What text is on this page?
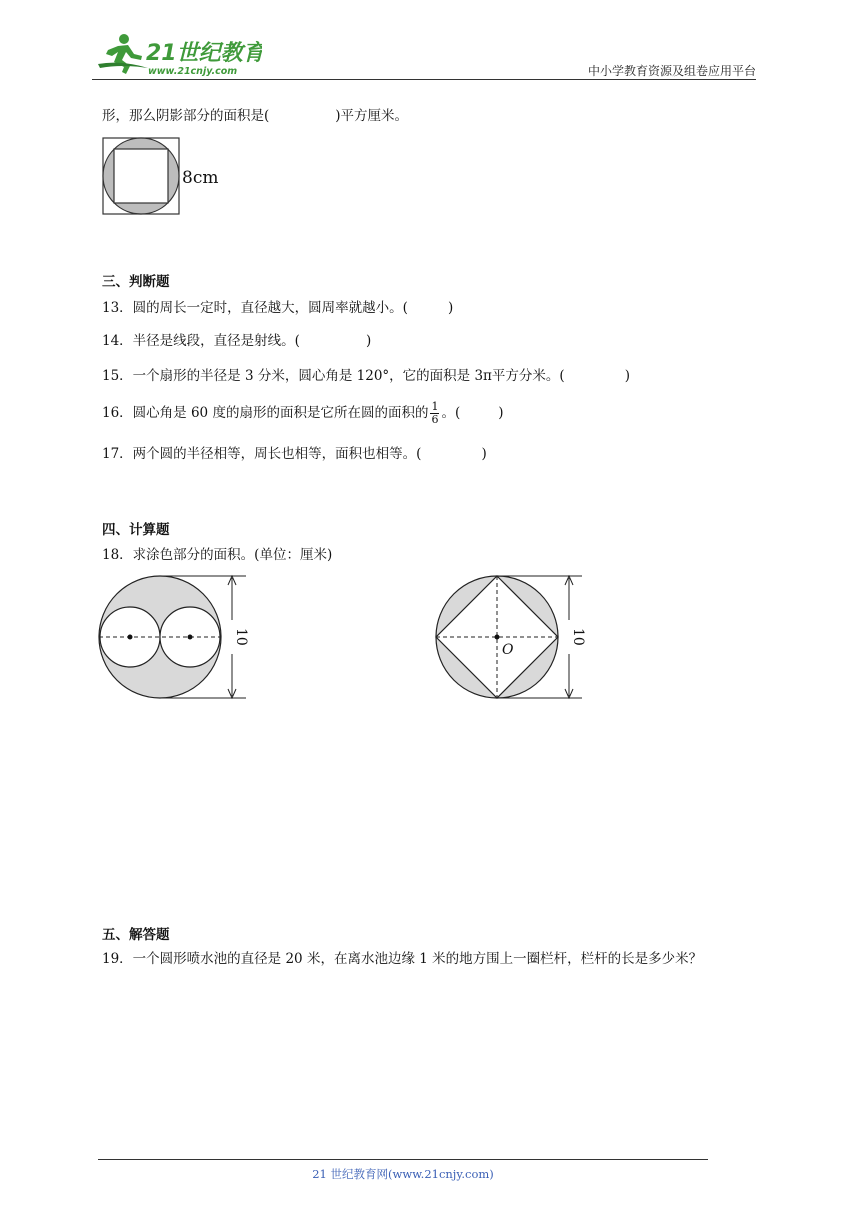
21世纪教育
www.21cnjy.com	中小学教育资源及组卷应用平台
形，那么阴影部分的面积是(	)平方厘米。
8cm
三、判断题
13．圆的周长一定时，直径越大，圆周率就越小。(	)
14．半径是线段，直径是射线。(	)
15．一个扇形的半径是 3 分米，圆心角是 120°，它的面积是 3π平方分米。(	)
16．圆心角是 60 度的扇形的面积是它所在圆的面积的 $\frac{1}{6}$ 。(	)
17．两个圆的半径相等，周长也相等，面积也相等。(	)
四、计算题
18．求涂色部分的面积。(单位：厘米)
10
O
10
五、解答题
19．一个圆形喷水池的直径是 20 米，在离水池边缘 1 米的地方围上一圈栏杆，栏杆的长是多少米？
21 世纪教育网(www.21cnjy.com)
